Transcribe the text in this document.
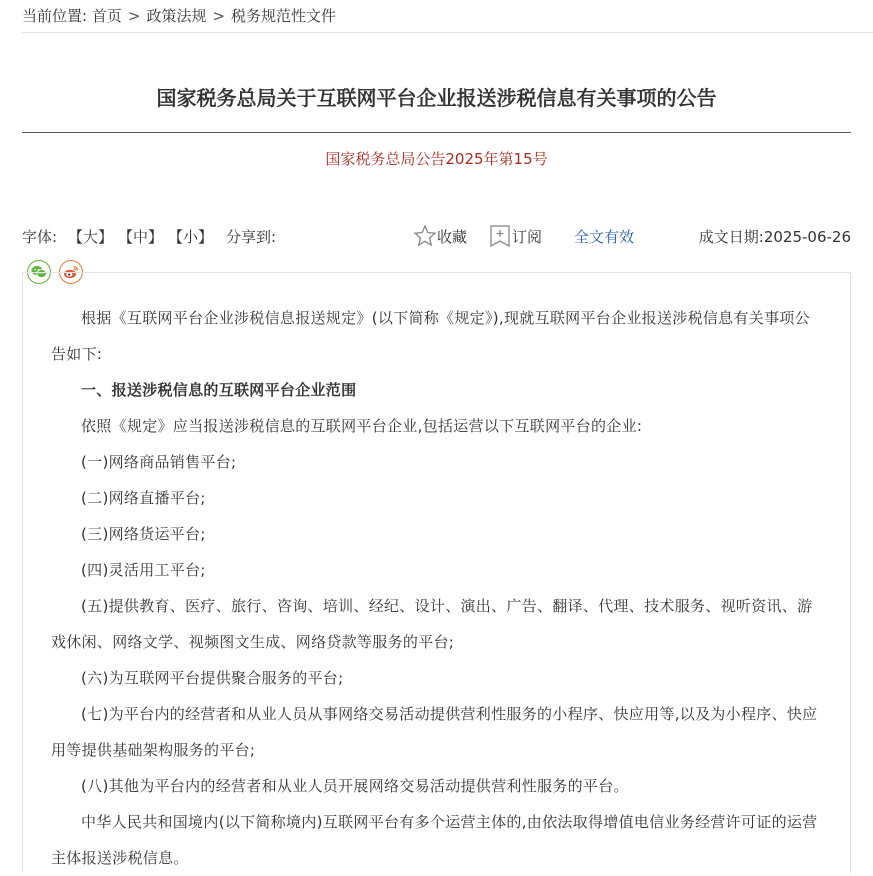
当前位置: 首页 > 政策法规 > 税务规范性文件
国家税务总局关于互联网平台企业报送涉税信息有关事项的公告
国家税务总局公告2025年第15号
字体: 【大】 【中】 【小】 分享到:	收藏	订阅 全文有效	成文日期:2025-06-26

根据《互联网平台企业涉税信息报送规定》(以下简称《规定》),现就互联网平台企业报送涉税信息有关事项公告如下:

一、报送涉税信息的互联网平台企业范围

依照《规定》应当报送涉税信息的互联网平台企业,包括运营以下互联网平台的企业:

(一)网络商品销售平台;

(二)网络直播平台;

(三)网络货运平台;

(四)灵活用工平台;

(五)提供教育、医疗、旅行、咨询、培训、经纪、设计、演出、广告、翻译、代理、技术服务、视听资讯、游戏休闲、网络文学、视频图文生成、网络贷款等服务的平台;

(六)为互联网平台提供聚合服务的平台;

(七)为平台内的经营者和从业人员从事网络交易活动提供营利性服务的小程序、快应用等,以及为小程序、快应用等提供基础架构服务的平台;

(八)其他为平台内的经营者和从业人员开展网络交易活动提供营利性服务的平台。

中华人民共和国境内(以下简称境内)互联网平台有多个运营主体的,由依法取得增值电信业务经营许可证的运营主体报送涉税信息。
